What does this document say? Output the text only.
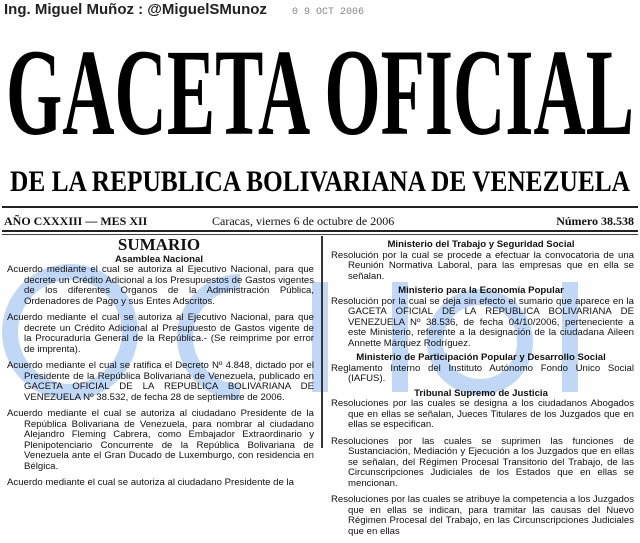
Ing. Miguel Muñoz : @MiguelSMunoz	0 9 OCT 2006
GACETA OFICIAL
DE LA REPUBLICA BOLIVARIANA DE VENEZUELA
AÑO CXXXIII — MES XII	Caracas, viernes 6 de octubre de 2006	Número 38.538
SUMARIO
Asamblea Nacional

Acuerdo mediante el cual se autoriza al Ejecutivo Nacional, para que decrete un Crédito Adicional a los Presupuestos de Gastos vigentes de los diferentes Organos de la Administración Pública, Ordenadores de Pago y sus Entes Adscritos.

Acuerdo mediante el cual se autoriza al Ejecutivo Nacional, para que decrete un Crédito Adicional al Presupuesto de Gastos vigente de la Procuraduría General de la República.- (Se reimprime por error de imprenta).

Acuerdo mediante el cual se ratifica el Decreto Nº 4.848, dictado por el Presidente de la República Bolivariana de Venezuela, publicado en GACETA OFICIAL DE LA REPUBLICA BOLIVARIANA DE VENEZUELA Nº 38.532, de fecha 28 de septiembre de 2006.

Acuerdo mediante el cual se autoriza al ciudadano Presidente de la República Bolivariana de Venezuela, para nombrar al ciudadano Alejandro Fleming Cabrera, como Embajador Extraordinario y Plenipotenciario Concurrente de la República Bolivariana de Venezuela ante el Gran Ducado de Luxemburgo, con residencia en Bélgica.

Acuerdo mediante el cual se autoriza al ciudadano Presidente de la

Ministerio del Trabajo y Seguridad Social

Resolución por la cual se procede a efectuar la convocatoria de una Reunión Normativa Laboral, para las empresas que en ella se señalan.

Ministerio para la Economía Popular

Resolución por la cual se deja sin efecto el sumario que aparece en la GACETA OFICIAL DE LA REPUBLICA BOLIVARIANA DE VENEZUELA Nº 38.536, de fecha 04/10/2006, perteneciente a este Ministerio, referente a la designación de la ciudadana Aileen Annette Márquez Rodríguez.

Ministerio de Participación Popular y Desarrollo Social

Reglamento Interno del Instituto Autónomo Fondo Unico Social (IAFUS).

Tribunal Supremo de Justicia

Resoluciones por las cuales se designa a los ciudadanos Abogados que en ellas se señalan, Jueces Titulares de los Juzgados que en ellas se especifican.

Resoluciones por las cuales se suprimen las funciones de Sustanciación, Mediación y Ejecución a los Juzgados que en ellas se señalan, del Régimen Procesal Transitorio del Trabajo, de las Circunscripciones Judiciales de los Estados que en ellas se mencionan.

Resoluciones por las cuales se atribuye la competencia a los Juzgados que en ellas se indican, para tramitar las causas del Nuevo Régimen Procesal del Trabajo, en las Circunscripciones Judiciales que en ellas
